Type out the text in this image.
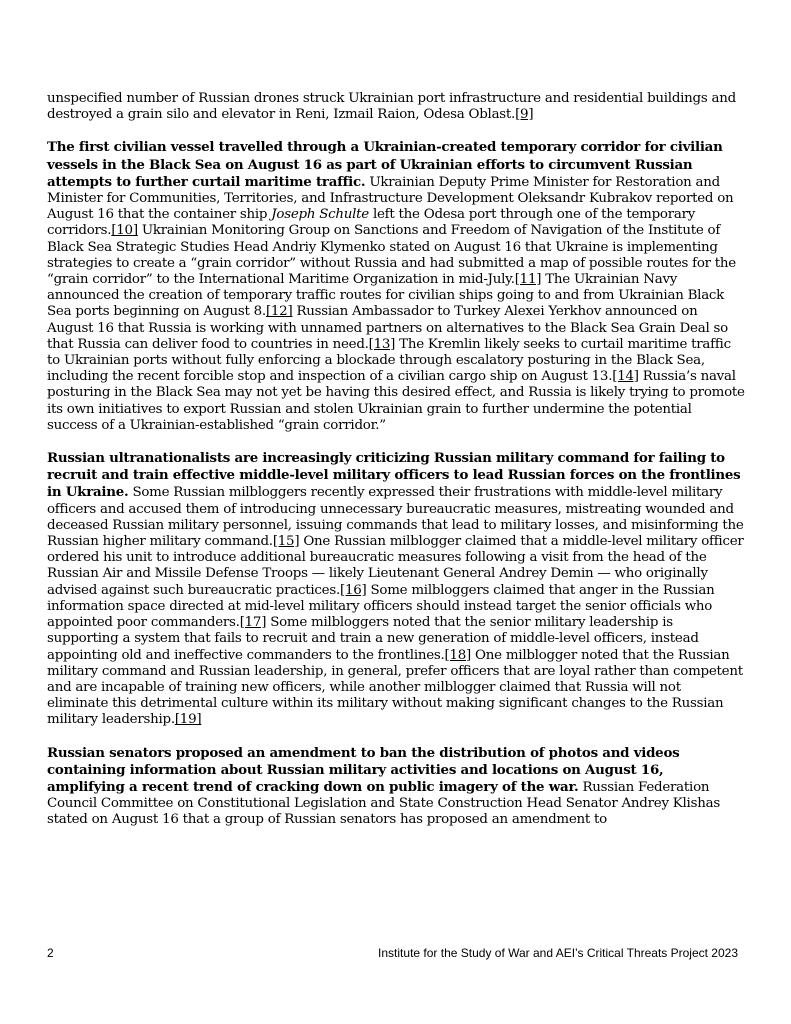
unspecified number of Russian drones struck Ukrainian port infrastructure and residential buildings and destroyed a grain silo and elevator in Reni, Izmail Raion, Odesa Oblast.[9]

The first civilian vessel travelled through a Ukrainian-created temporary corridor for civilian vessels in the Black Sea on August 16 as part of Ukrainian efforts to circumvent Russian attempts to further curtail maritime traffic. Ukrainian Deputy Prime Minister for Restoration and Minister for Communities, Territories, and Infrastructure Development Oleksandr Kubrakov reported on August 16 that the container ship Joseph Schulte left the Odesa port through one of the temporary corridors.[10] Ukrainian Monitoring Group on Sanctions and Freedom of Navigation of the Institute of Black Sea Strategic Studies Head Andriy Klymenko stated on August 16 that Ukraine is implementing strategies to create a “grain corridor” without Russia and had submitted a map of possible routes for the “grain corridor” to the International Maritime Organization in mid-July.[11] The Ukrainian Navy announced the creation of temporary traffic routes for civilian ships going to and from Ukrainian Black Sea ports beginning on August 8.[12] Russian Ambassador to Turkey Alexei Yerkhov announced on August 16 that Russia is working with unnamed partners on alternatives to the Black Sea Grain Deal so that Russia can deliver food to countries in need.[13] The Kremlin likely seeks to curtail maritime traffic to Ukrainian ports without fully enforcing a blockade through escalatory posturing in the Black Sea, including the recent forcible stop and inspection of a civilian cargo ship on August 13.[14] Russia’s naval posturing in the Black Sea may not yet be having this desired effect, and Russia is likely trying to promote its own initiatives to export Russian and stolen Ukrainian grain to further undermine the potential success of a Ukrainian-established “grain corridor.”

Russian ultranationalists are increasingly criticizing Russian military command for failing to recruit and train effective middle-level military officers to lead Russian forces on the frontlines in Ukraine. Some Russian milbloggers recently expressed their frustrations with middle-level military officers and accused them of introducing unnecessary bureaucratic measures, mistreating wounded and deceased Russian military personnel, issuing commands that lead to military losses, and misinforming the Russian higher military command.[15] One Russian milblogger claimed that a middle-level military officer ordered his unit to introduce additional bureaucratic measures following a visit from the head of the Russian Air and Missile Defense Troops — likely Lieutenant General Andrey Demin — who originally advised against such bureaucratic practices.[16] Some milbloggers claimed that anger in the Russian information space directed at mid-level military officers should instead target the senior officials who appointed poor commanders.[17] Some milbloggers noted that the senior military leadership is supporting a system that fails to recruit and train a new generation of middle-level officers, instead appointing old and ineffective commanders to the frontlines.[18] One milblogger noted that the Russian military command and Russian leadership, in general, prefer officers that are loyal rather than competent and are incapable of training new officers, while another milblogger claimed that Russia will not eliminate this detrimental culture within its military without making significant changes to the Russian military leadership.[19]

Russian senators proposed an amendment to ban the distribution of photos and videos containing information about Russian military activities and locations on August 16, amplifying a recent trend of cracking down on public imagery of the war. Russian Federation Council Committee on Constitutional Legislation and State Construction Head Senator Andrey Klishas stated on August 16 that a group of Russian senators has proposed an amendment to

2	Institute for the Study of War and AEI’s Critical Threats Project 2023
